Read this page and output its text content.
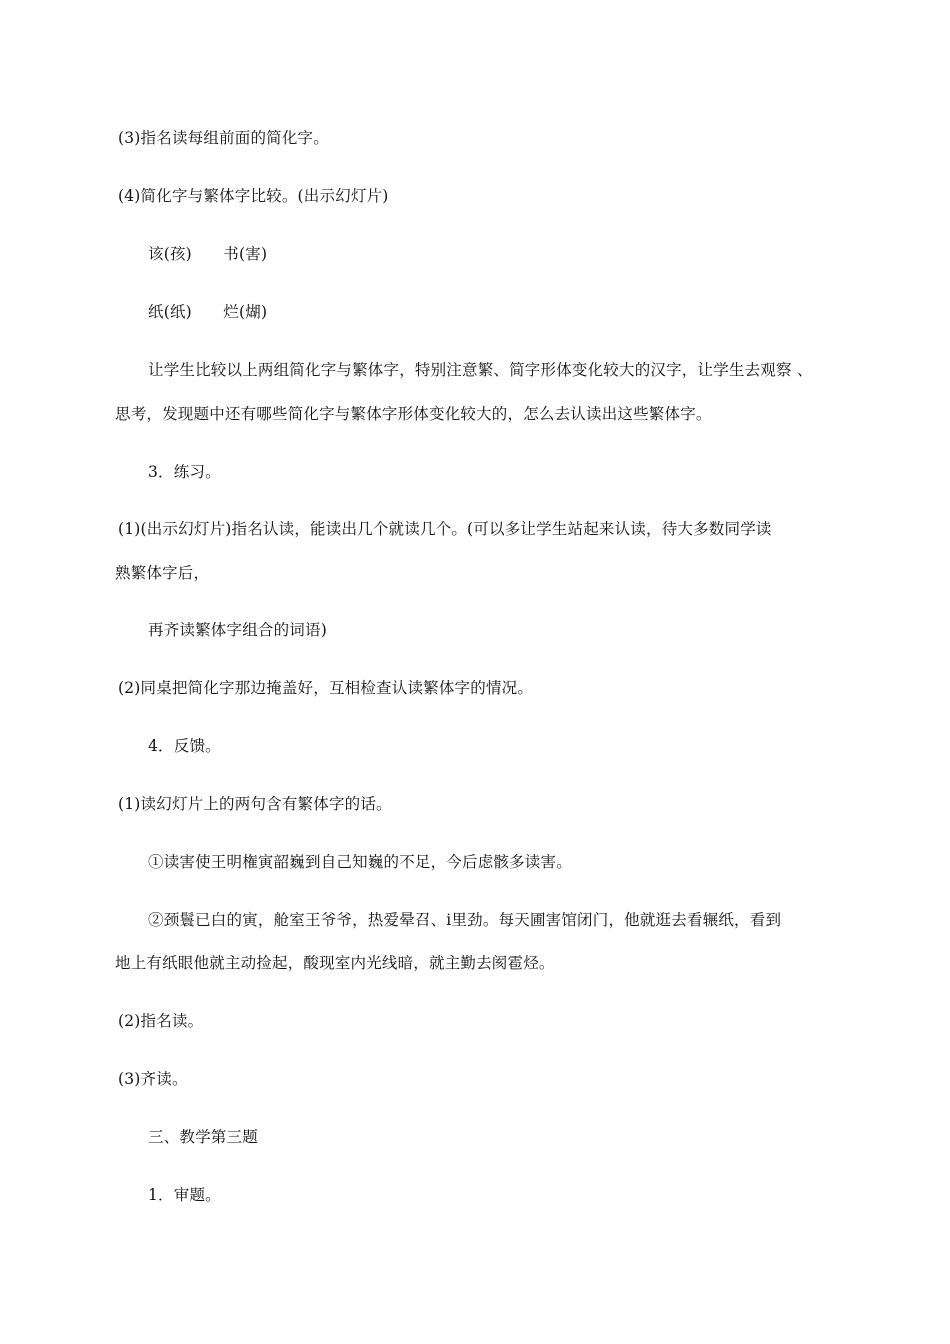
(3)指名读每组前面的简化字。

(4)简化字与繁体字比较。(出示幻灯片)

该(孩)　　书(害)

纸(纸)　　烂(煳)

让学生比较以上两组简化字与繁体字，特别注意繁、简字形体变化较大的汉字，让学生去观察 、

思考，发现题中还有哪些简化字与繁体字形体变化较大的，怎么去认读出这些繁体字。

3．练习。

(1)(出示幻灯片)指名认读，能读出几个就读几个。(可以多让学生站起来认读，待大多数同学读

熟繁体字后，

再齐读繁体字组合的词语)

(2)同桌把简化字那边掩盖好，互相检查认读繁体字的情况。

4．反馈。

(1)读幻灯片上的两句含有繁体字的话。

①读害使王明権寅韶巍到自己知巍的不足，今后虑骸多读害。

②颈鬟已白的寅，舱室王爷爷，热爱晕召、i里劲。每天圃害馆闭门，他就逛去看辗纸，看到

地上有纸眼他就主动捡起，酸现室内光线暗，就主勤去阂雹烃。

(2)指名读。

(3)齐读。

三、教学第三题

1．审题。
